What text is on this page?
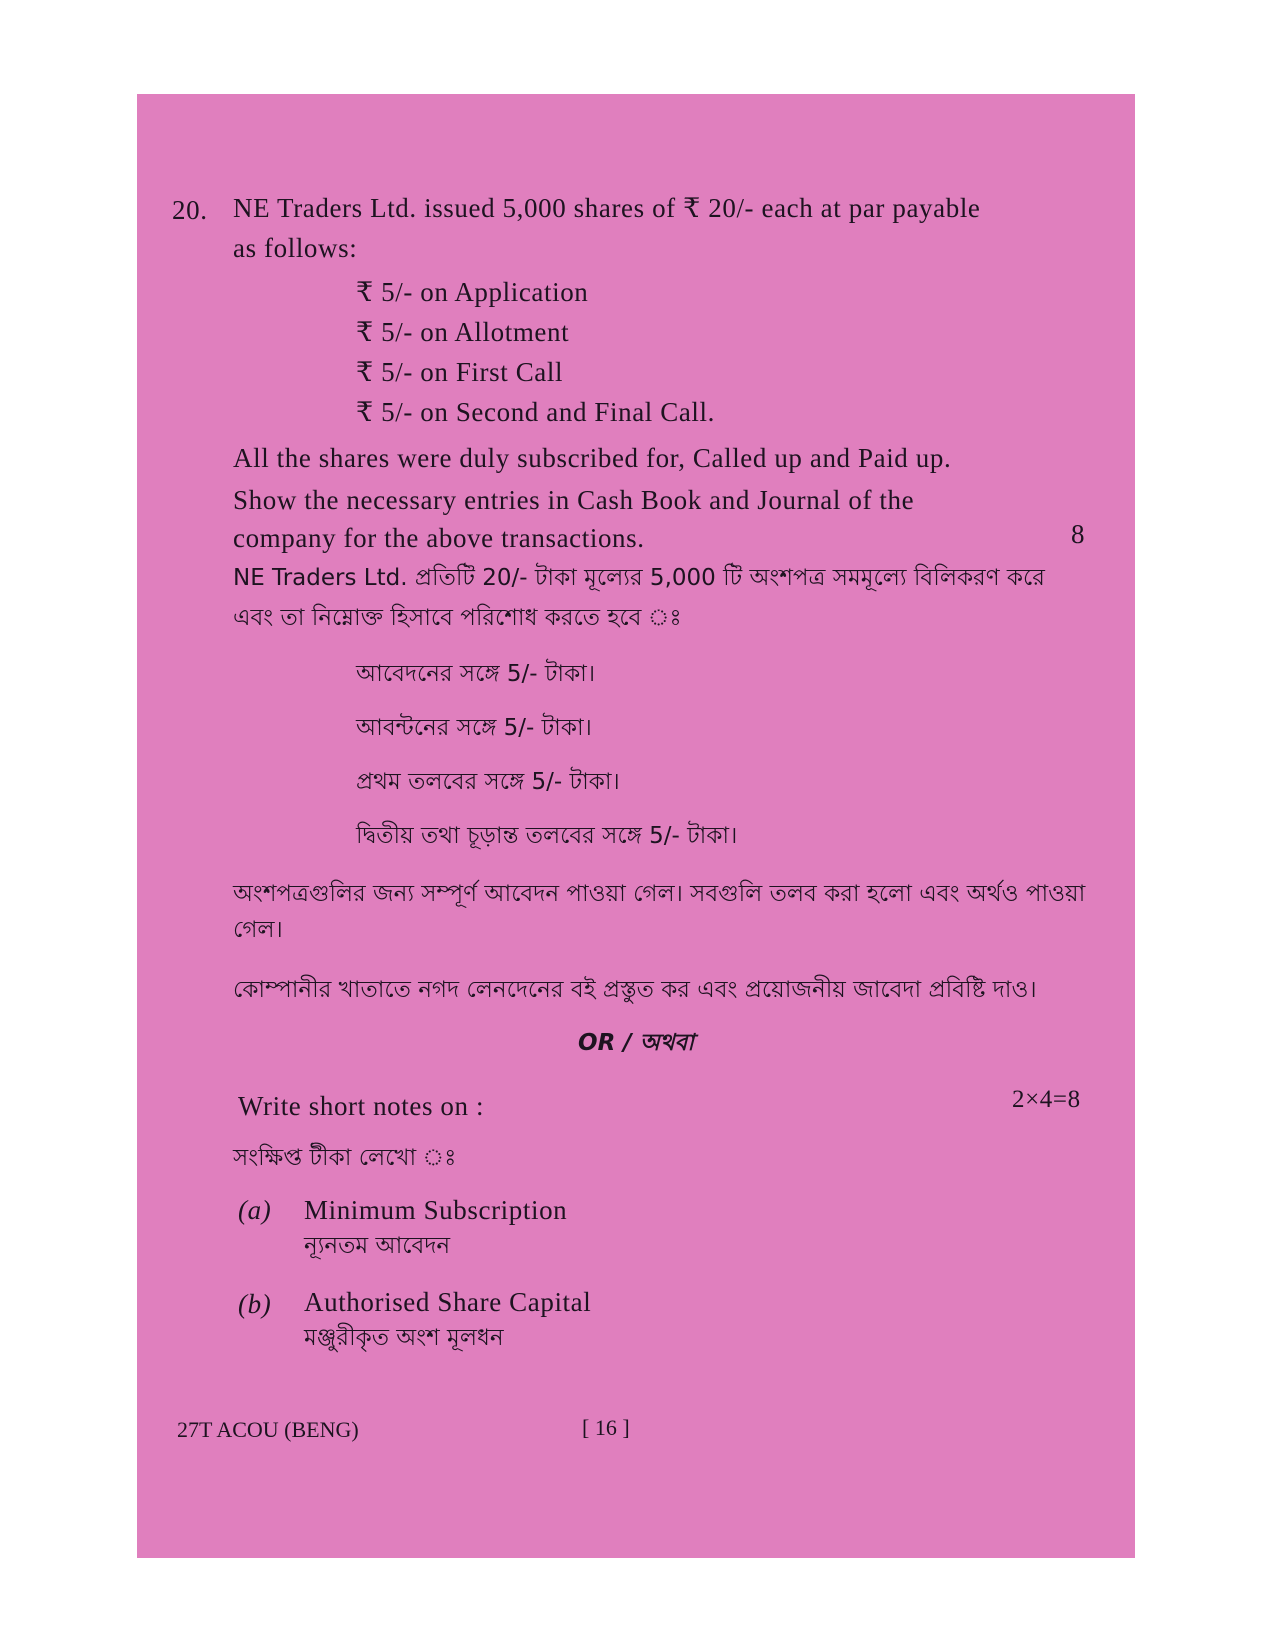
20. NE Traders Ltd. issued 5,000 shares of ₹ 20/- each at par payable
as follows:
₹ 5/- on Application
₹ 5/- on Allotment
₹ 5/- on First Call
₹ 5/- on Second and Final Call.
All the shares were duly subscribed for, Called up and Paid up.
Show the necessary entries in Cash Book and Journal of the
company for the above transactions.	8
NE Traders Ltd. প্রতিটি 20/- টাকা মূল্যের 5,000 টি অংশপত্র সমমূল্যে বিলিকরণ করে
এবং তা নিম্নোক্ত হিসাবে পরিশোধ করতে হবে ঃ
আবেদনের সঙ্গে 5/- টাকা।
আবন্টনের সঙ্গে 5/- টাকা।
প্রথম তলবের সঙ্গে 5/- টাকা।
দ্বিতীয় তথা চূড়ান্ত তলবের সঙ্গে 5/- টাকা।
অংশপত্রগুলির জন্য সম্পূর্ণ আবেদন পাওয়া গেল। সবগুলি তলব করা হলো এবং অর্থও পাওয়া
গেল।
কোম্পানীর খাতাতে নগদ লেনদেনের বই প্রস্তুত কর এবং প্রয়োজনীয় জাবেদা প্রবিষ্টি দাও।
OR / অথবা
Write short notes on :	2×4=8
সংক্ষিপ্ত টীকা লেখো ঃ
(a) Minimum Subscription
ন্যূনতম আবেদন
(b) Authorised Share Capital
মঞ্জুরীকৃত অংশ মূলধন
27T ACOU (BENG)	[ 16 ]
